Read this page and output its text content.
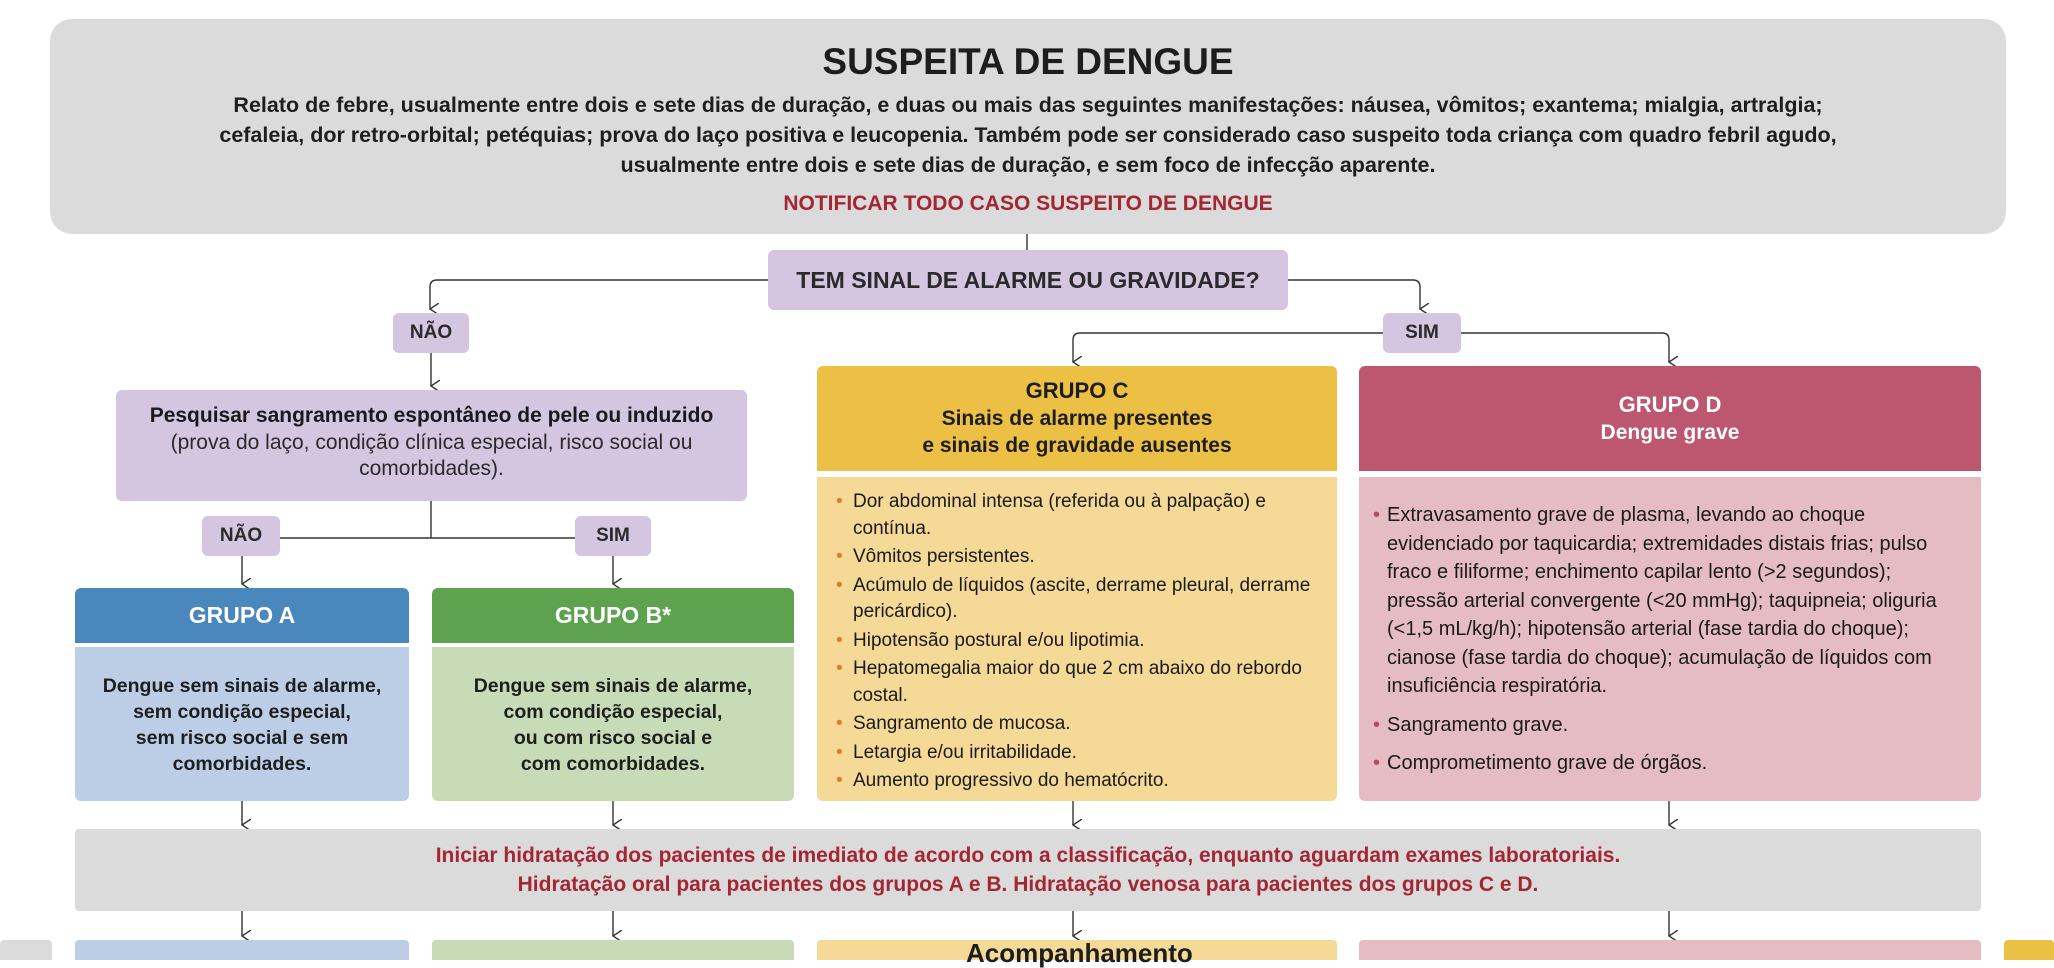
SUSPEITA DE DENGUE
Relato de febre, usualmente entre dois e sete dias de duração, e duas ou mais das seguintes manifestações: náusea, vômitos; exantema; mialgia, artralgia;
cefaleia, dor retro-orbital; petéquias; prova do laço positiva e leucopenia. Também pode ser considerado caso suspeito toda criança com quadro febril agudo,
usualmente entre dois e sete dias de duração, e sem foco de infecção aparente.
NOTIFICAR TODO CASO SUSPEITO DE DENGUE
TEM SINAL DE ALARME OU GRAVIDADE?
NÃO	SIM
Pesquisar sangramento espontâneo de pele ou induzido
(prova do laço, condição clínica especial, risco social ou comorbidades).
NÃO	SIM
GRUPO A
Dengue sem sinais de alarme,
sem condição especial,
sem risco social e sem
comorbidades.
GRUPO B*
Dengue sem sinais de alarme,
com condição especial,
ou com risco social e
com comorbidades.
GRUPO C
Sinais de alarme presentes
e sinais de gravidade ausentes
• Dor abdominal intensa (referida ou à palpação) e contínua.
• Vômitos persistentes.
• Acúmulo de líquidos (ascite, derrame pleural, derrame pericárdico).
• Hipotensão postural e/ou lipotimia.
• Hepatomegalia maior do que 2 cm abaixo do rebordo costal.
• Sangramento de mucosa.
• Letargia e/ou irritabilidade.
• Aumento progressivo do hematócrito.
GRUPO D
Dengue grave
• Extravasamento grave de plasma, levando ao choque evidenciado por taquicardia; extremidades distais frias; pulso fraco e filiforme; enchimento capilar lento (>2 segundos); pressão arterial convergente (<20 mmHg); taquipneia; oliguria (<1,5 mL/kg/h); hipotensão arterial (fase tardia do choque); cianose (fase tardia do choque); acumulação de líquidos com insuficiência respiratória.
• Sangramento grave.
• Comprometimento grave de órgãos.
Iniciar hidratação dos pacientes de imediato de acordo com a classificação, enquanto aguardam exames laboratoriais.
Hidratação oral para pacientes dos grupos A e B. Hidratação venosa para pacientes dos grupos C e D.
Acompanhamento
